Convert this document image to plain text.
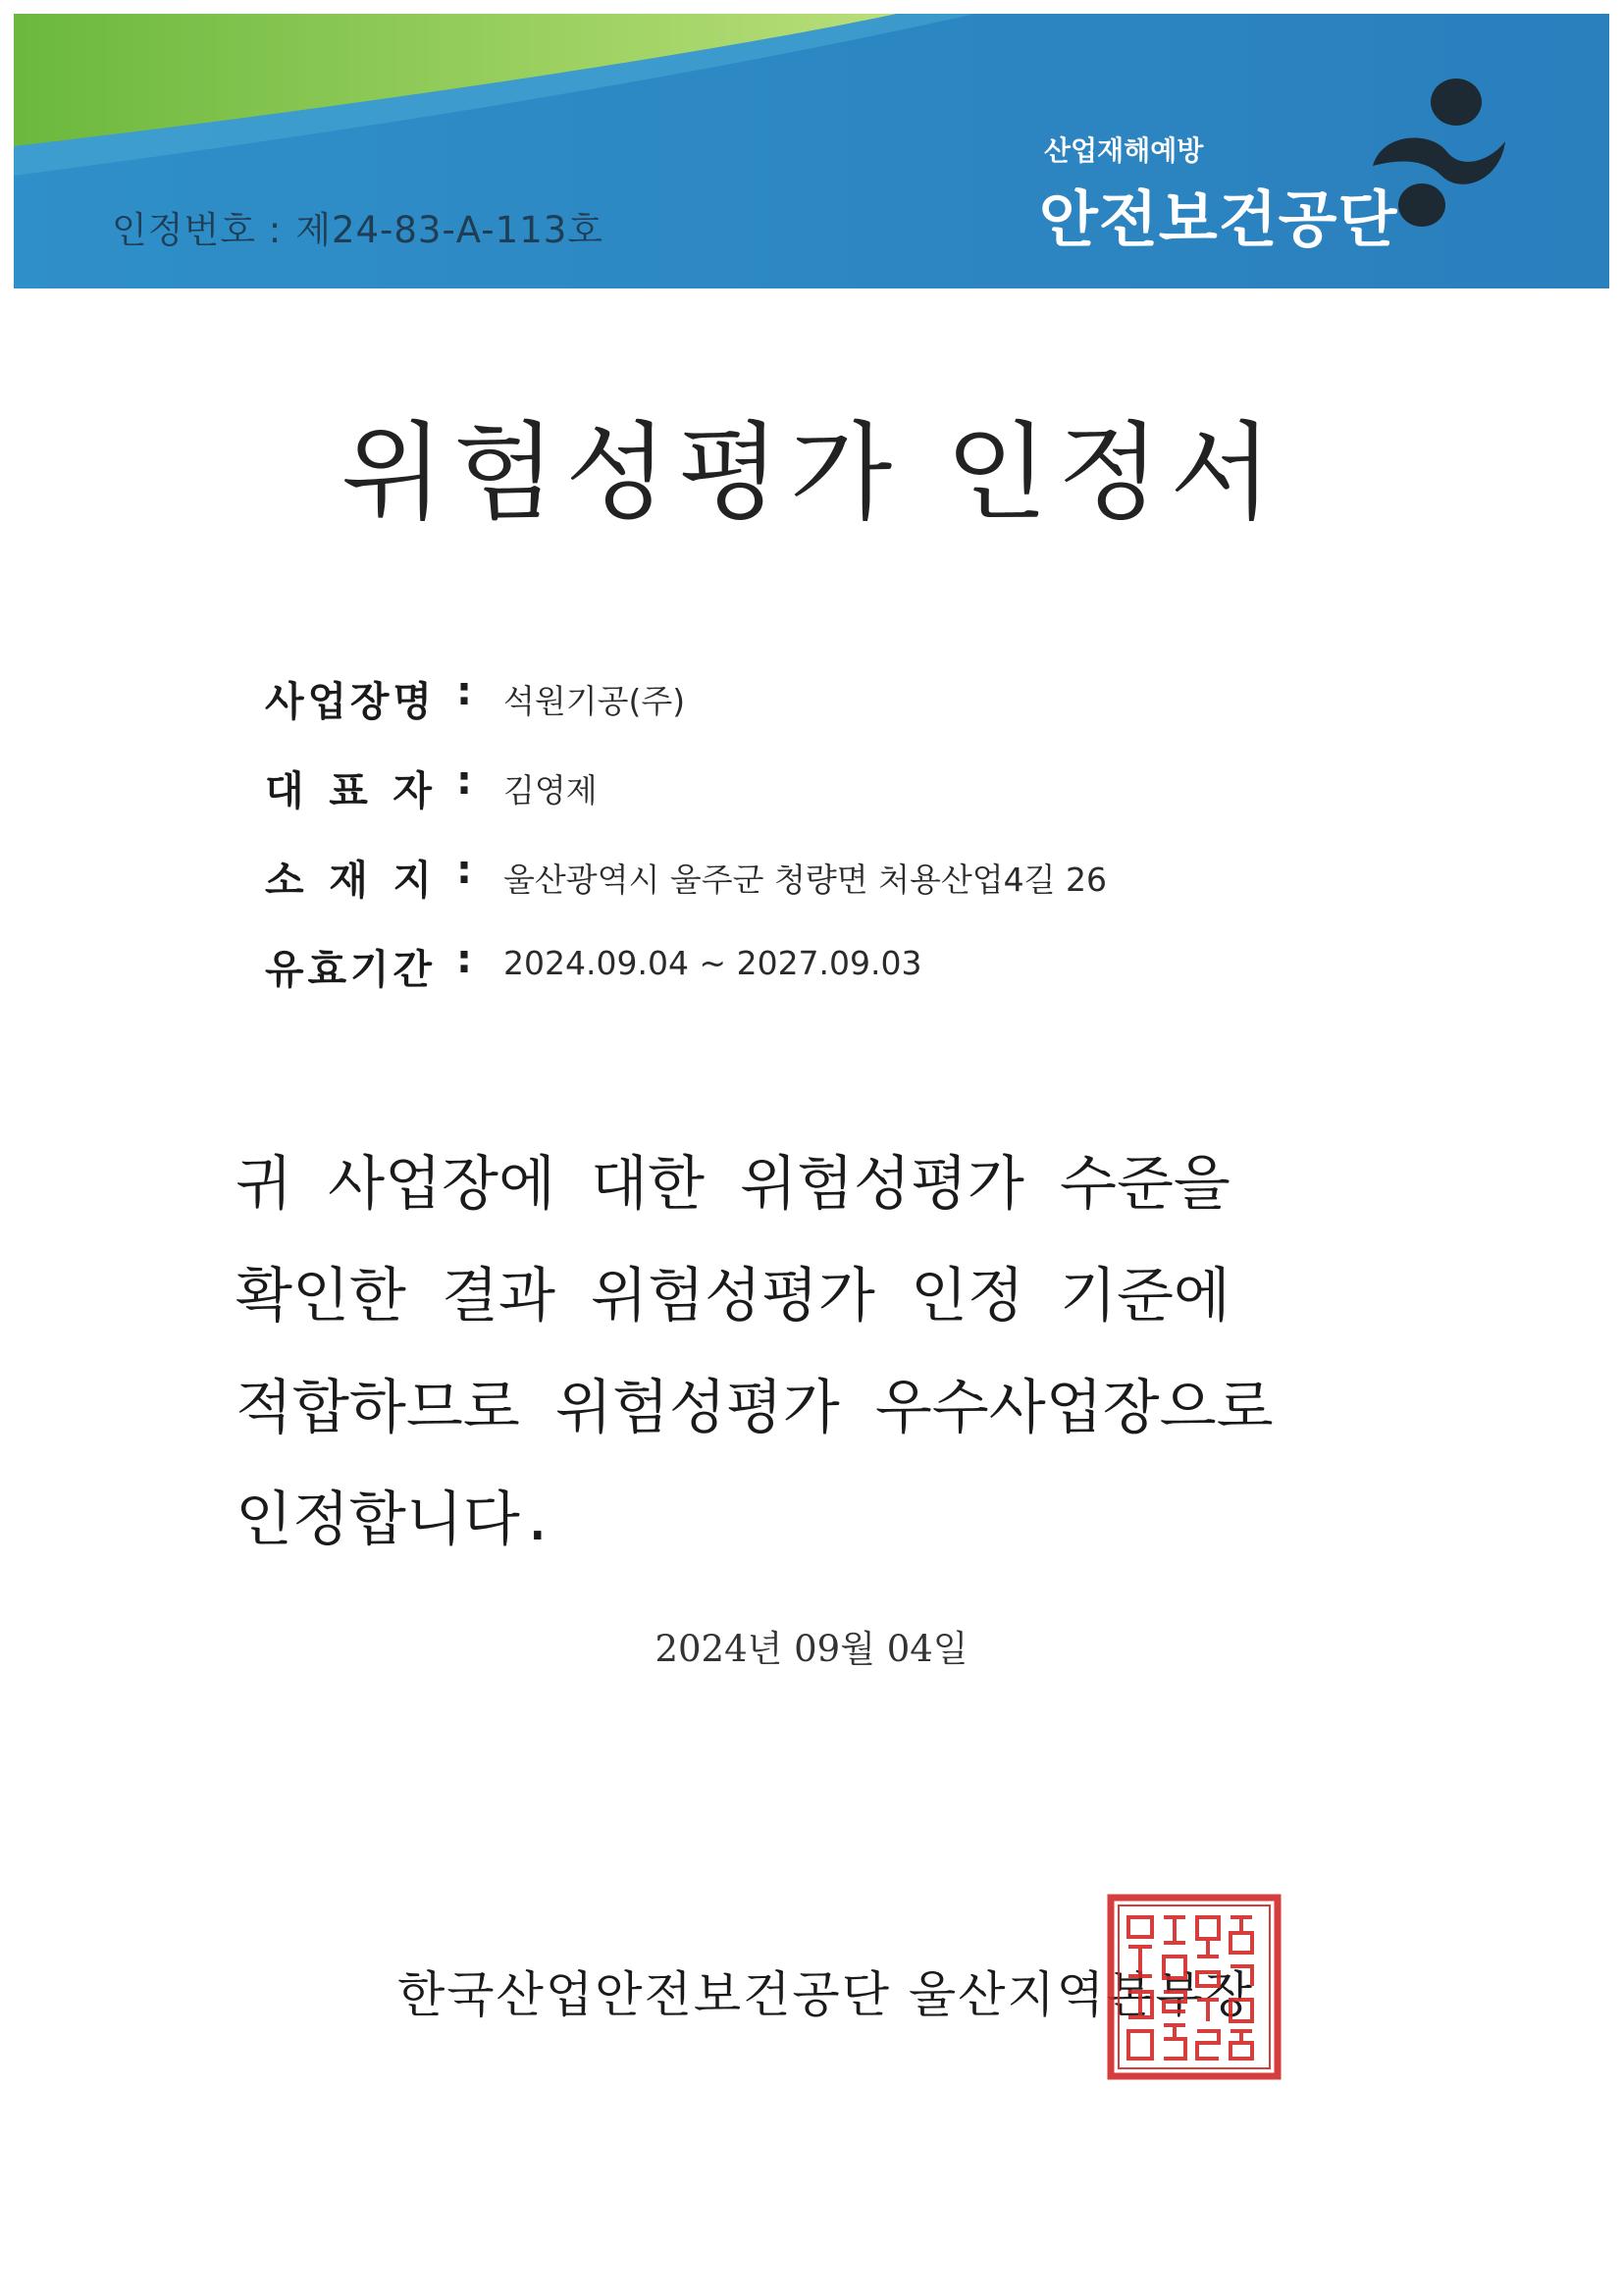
인정번호 : 제24-83-A-113호
산업재해예방
안전보건공단
위험성평가 인정서
사 업 장 명 : 석원기공(주)
대 표 자 : 김영제
소 재 지 : 울산광역시 울주군 청량면 처용산업4길 26
유 효 기 간 : 2024.09.04 ~ 2027.09.03
귀 사업장에 대한 위험성평가 수준을
확인한 결과 위험성평가 인정 기준에
적합하므로 위험성평가 우수사업장으로
인정합니다.
2024년 09월 04일
한국산업안전보건공단 울산지역본부장
